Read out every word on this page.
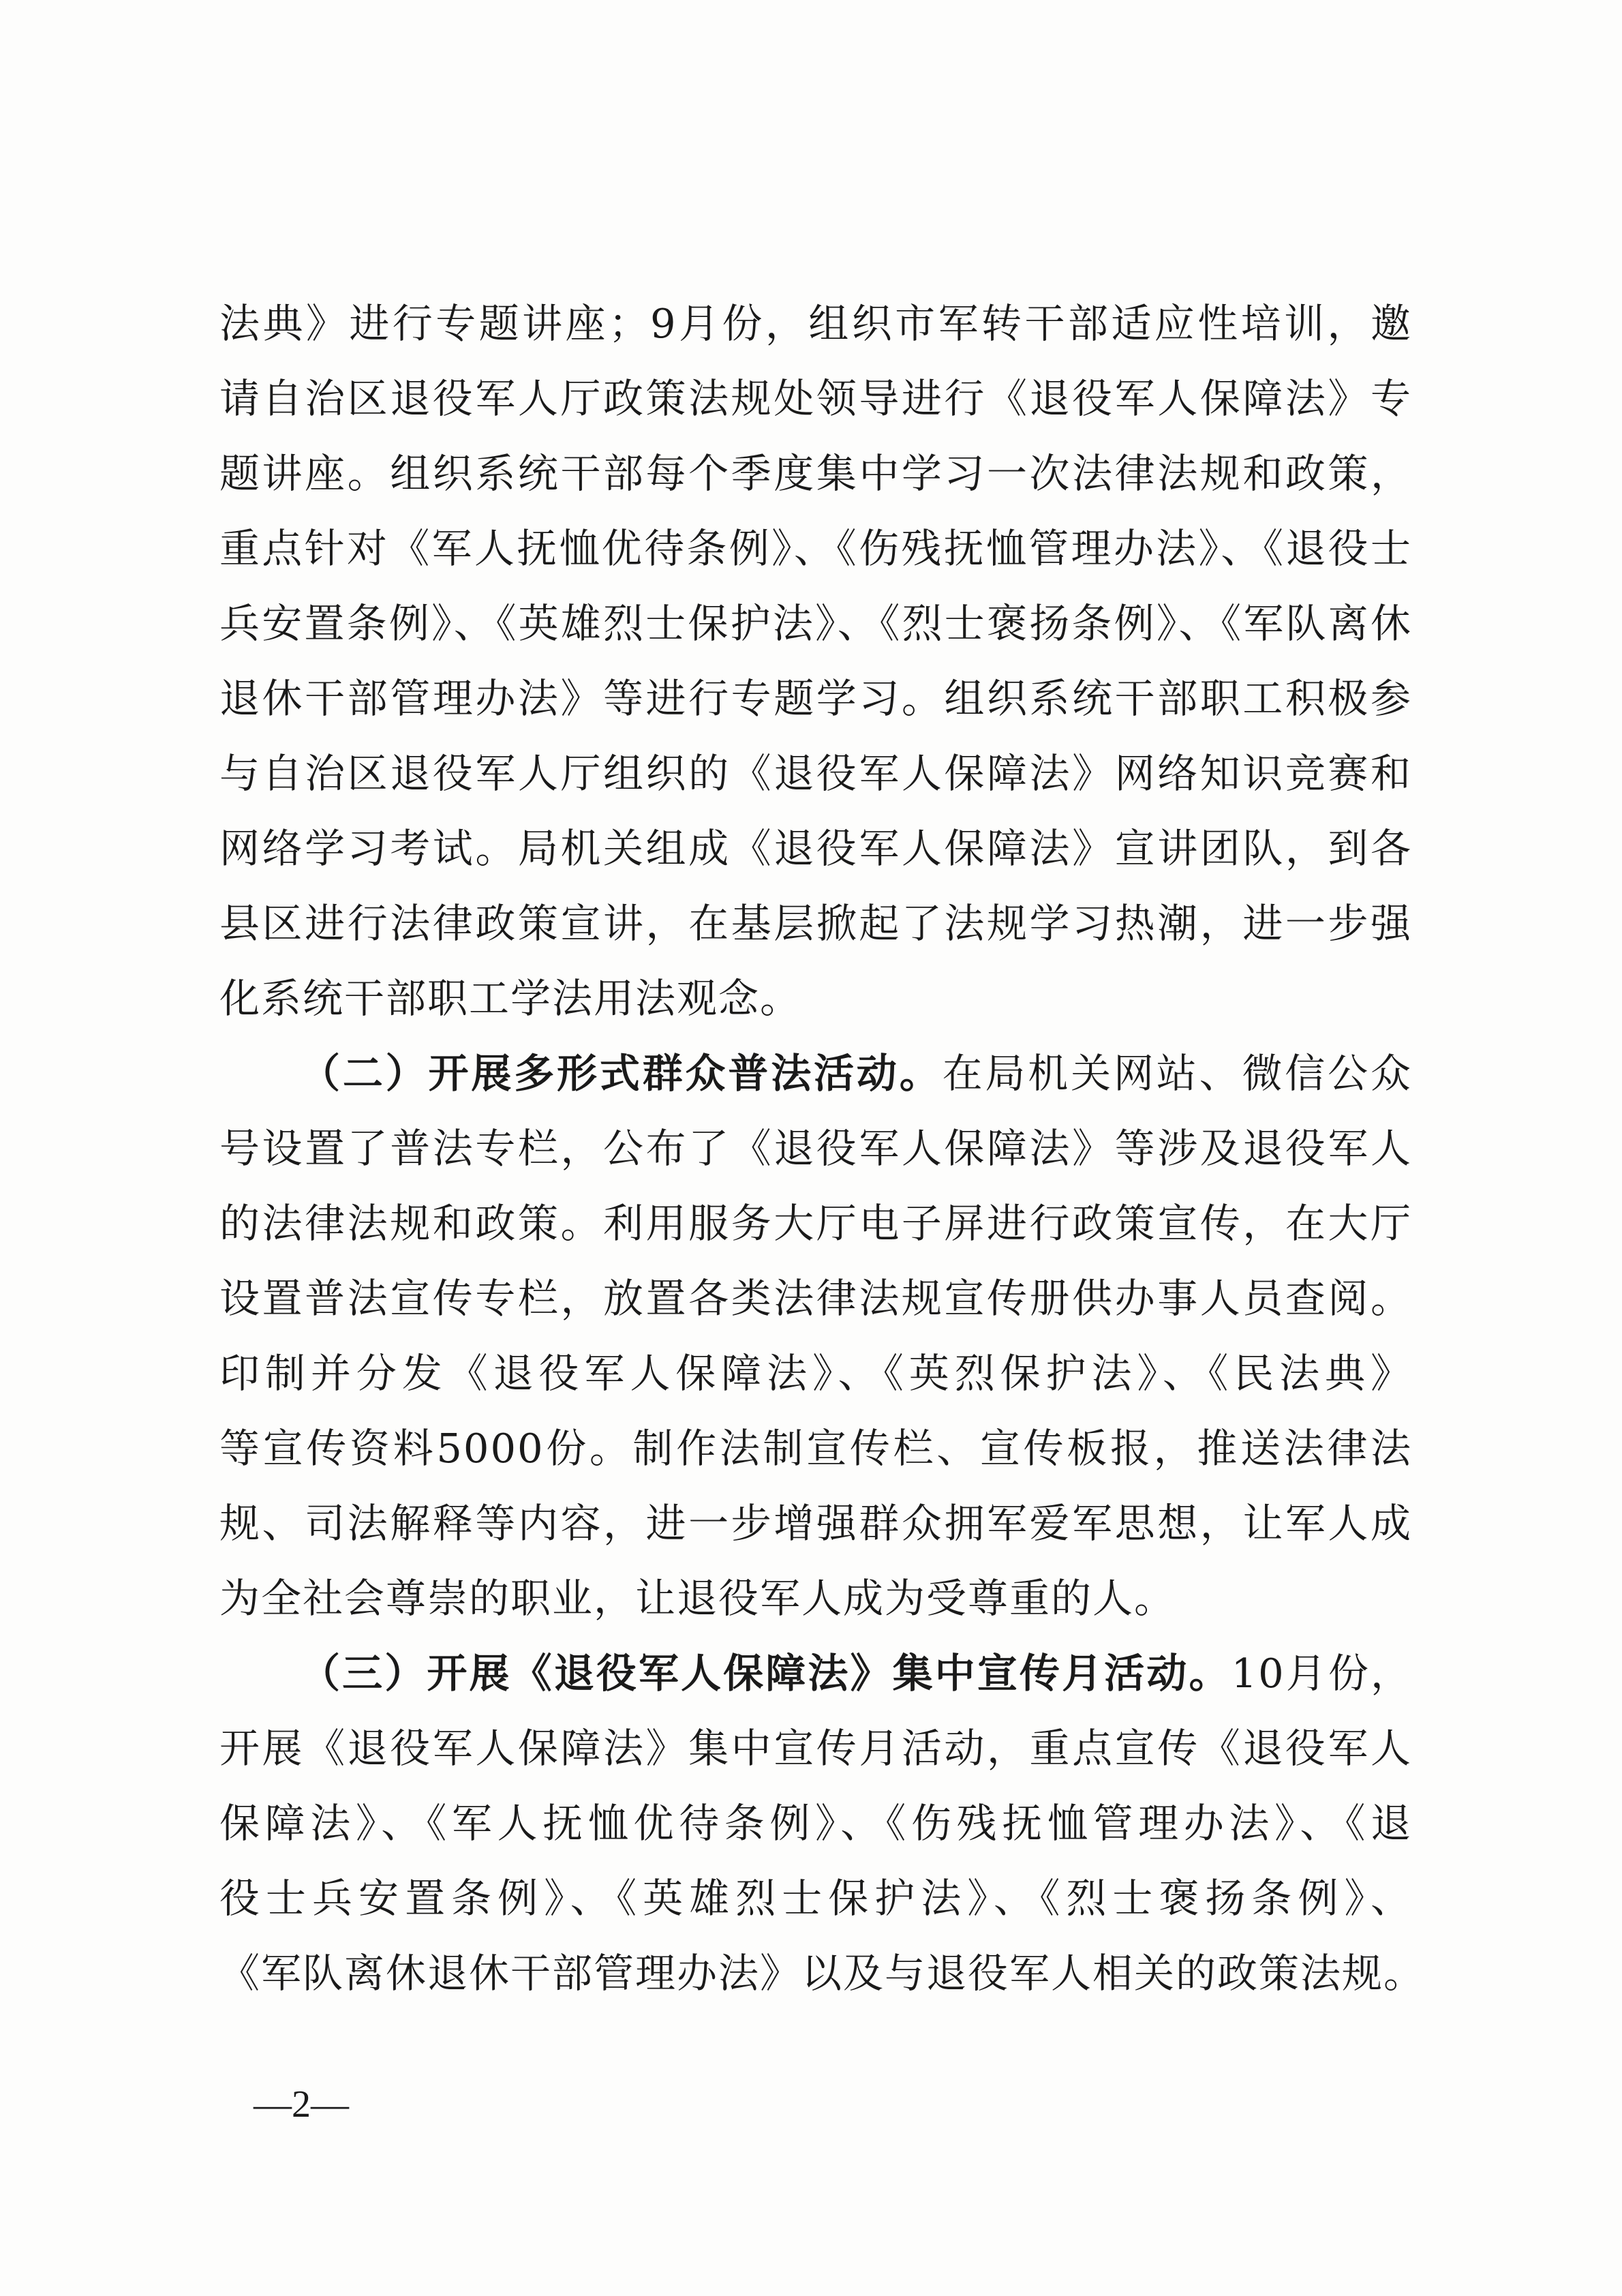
法典》进行专题讲座；9月份，组织市军转干部适应性培训，邀
请自治区退役军人厅政策法规处领导进行《退役军人保障法》专
题讲座。组织系统干部每个季度集中学习一次法律法规和政策，
重点针对《军人抚恤优待条例》、《伤残抚恤管理办法》、《退役士
兵安置条例》、《英雄烈士保护法》、《烈士褒扬条例》、《军队离休
退休干部管理办法》等进行专题学习。组织系统干部职工积极参
与自治区退役军人厅组织的《退役军人保障法》网络知识竞赛和
网络学习考试。局机关组成《退役军人保障法》宣讲团队，到各
县区进行法律政策宣讲，在基层掀起了法规学习热潮，进一步强
化系统干部职工学法用法观念。
（二）开展多形式群众普法活动。在局机关网站、微信公众
号设置了普法专栏，公布了《退役军人保障法》等涉及退役军人
的法律法规和政策。利用服务大厅电子屏进行政策宣传，在大厅
设置普法宣传专栏，放置各类法律法规宣传册供办事人员查阅。
印制并分发《退役军人保障法》、《英烈保护法》、《民法典》
等宣传资料5000份。制作法制宣传栏、宣传板报，推送法律法
规、司法解释等内容，进一步增强群众拥军爱军思想，让军人成
为全社会尊崇的职业，让退役军人成为受尊重的人。
（三）开展《退役军人保障法》集中宣传月活动。10月份，
开展《退役军人保障法》集中宣传月活动，重点宣传《退役军人
保障法》、《军人抚恤优待条例》、《伤残抚恤管理办法》、《退
役士兵安置条例》、《英雄烈士保护法》、《烈士褒扬条例》、
《军队离休退休干部管理办法》以及与退役军人相关的政策法规。
—2—
